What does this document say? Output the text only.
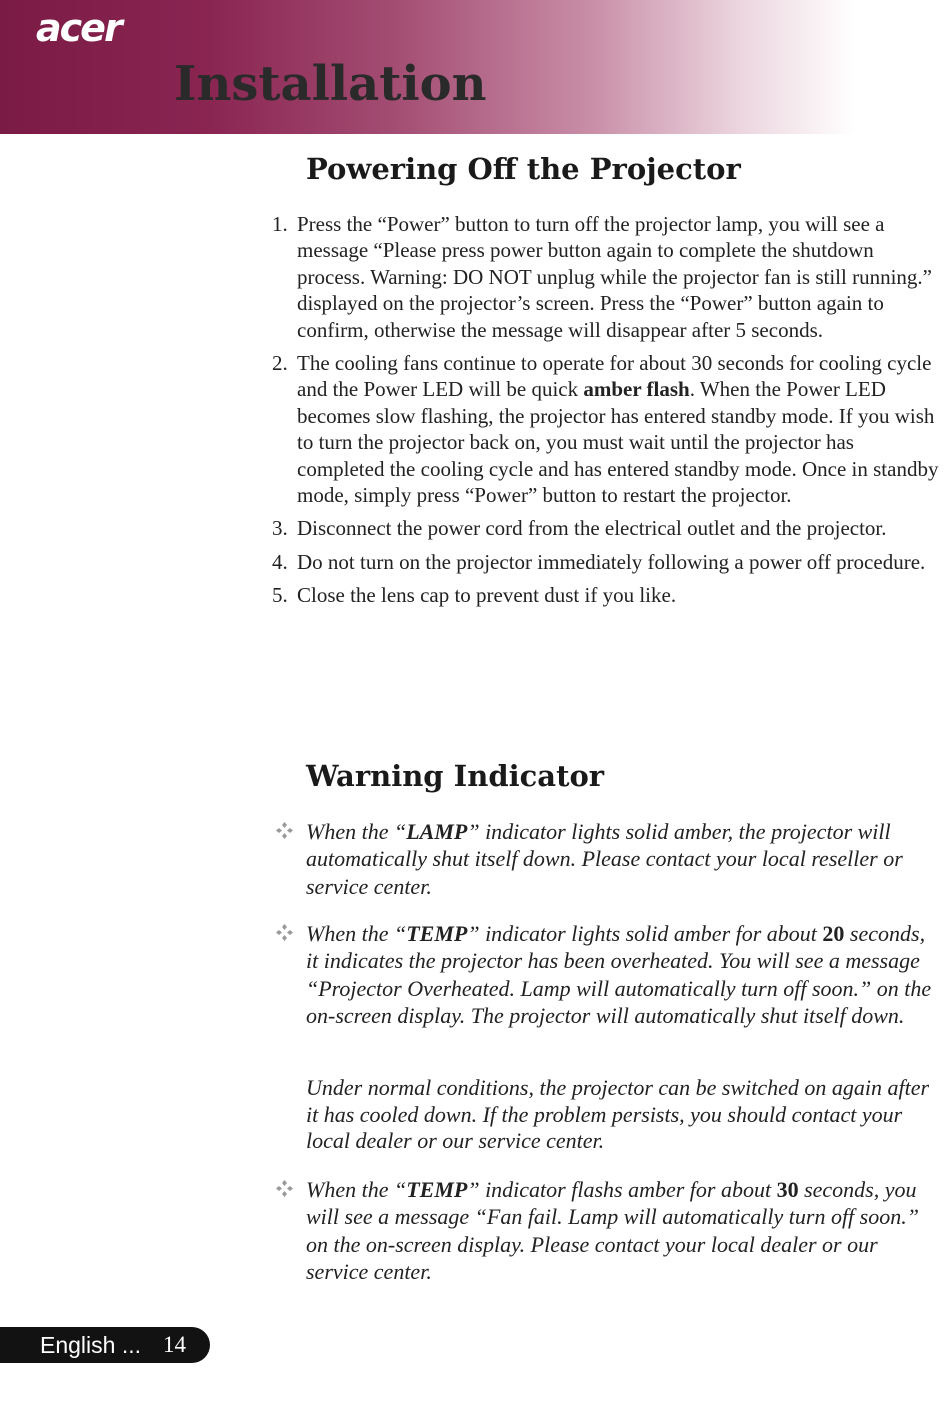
acer
Installation
Powering Off the Projector
1. Press the “Power” button to turn off the projector lamp, you will see a message “Please press power button again to complete the shutdown process. Warning: DO NOT unplug while the projector fan is still running.” displayed on the projector’s screen. Press the “Power” button again to confirm, otherwise the message will disappear after 5 seconds.
2. The cooling fans continue to operate for about 30 seconds for cooling cycle and the Power LED will be quick amber flash. When the Power LED becomes slow flashing, the projector has entered standby mode. If you wish to turn the projector back on, you must wait until the projector has completed the cooling cycle and has entered standby mode. Once in standby mode, simply press “Power” button to restart the projector.
3. Disconnect the power cord from the electrical outlet and the projector.
4. Do not turn on the projector immediately following a power off procedure.
5. Close the lens cap to prevent dust if you like.
Warning Indicator
When the “LAMP” indicator lights solid amber, the projector will automatically shut itself down. Please contact your local reseller or service center.
When the “TEMP” indicator lights solid amber for about 20 seconds, it indicates the projector has been overheated. You will see a message “Projector Overheated. Lamp will automatically turn off soon.” on the on-screen display. The projector will automatically shut itself down.

Under normal conditions, the projector can be switched on again after it has cooled down. If the problem persists, you should contact your local dealer or our service center.

When the “TEMP” indicator flashs amber for about 30 seconds, you will see a message “Fan fail. Lamp will automatically turn off soon.” on the on-screen display. Please contact your local dealer or our service center.
English ... 14
